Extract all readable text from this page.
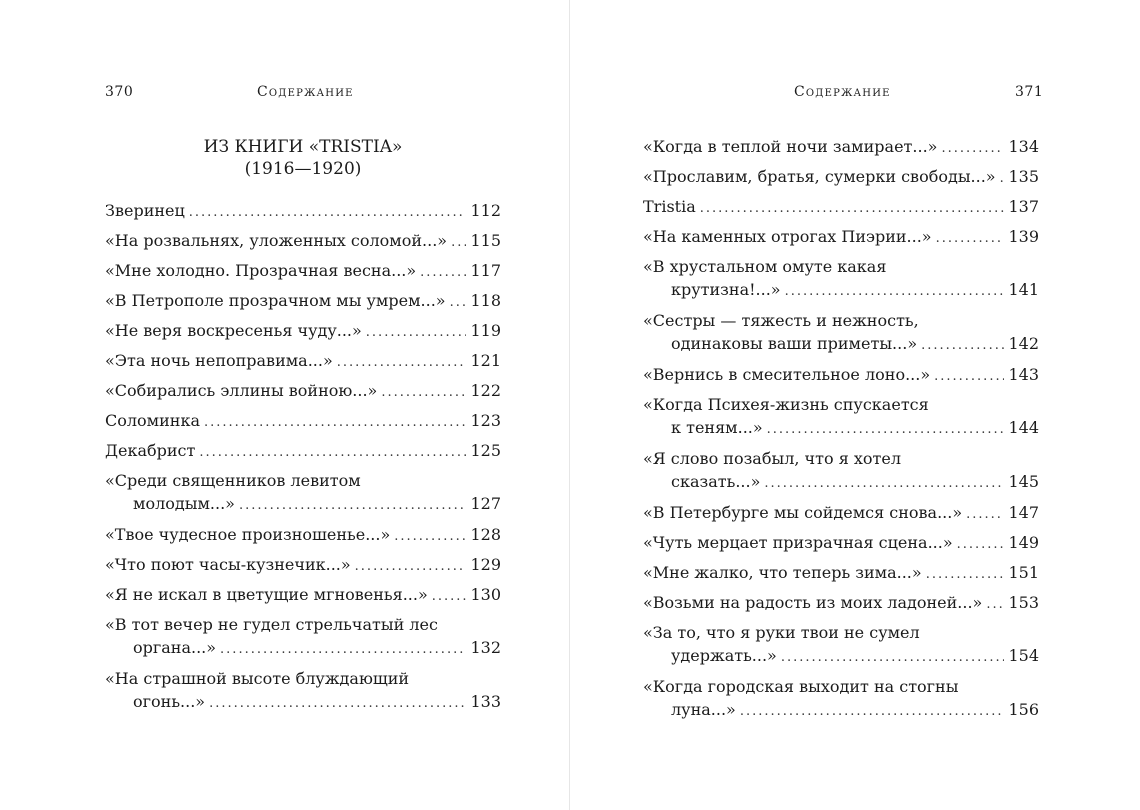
370	Содержание
ИЗ КНИГИ «TRISTIA»
(1916—1920)
Зверинец .....	112
«На розвальнях, уложенных соломой...» ..... 115
«Мне холодно. Прозрачная весна...» .....	117
«В Петрополе прозрачном мы умрем...» ..... 118
«Не веря воскресенья чуду...» .....	119
«Эта ночь непоправима...» .....	121
«Собирались эллины войною...» .....	122
Соломинка .....	123
Декабрист .....	125
«Среди священников левитом
молодым...» .....	127
«Твое чудесное произношенье...» .....	128
«Что поют часы-кузнечик...» .....	129
«Я не искал в цветущие мгновенья...» .....	130
«В тот вечер не гудел стрельчатый лес
органа...» .....	132
«На страшной высоте блуждающий
огонь...» .....	133
Содержание	371
«Когда в теплой ночи замирает...» .....	134
«Прославим, братья, сумерки свободы...» ..... 135
Tristia .....	137
«На каменных отрогах Пиэрии...» .....	139
«В хрустальном омуте какая
крутизна!...» .....	141
«Сестры — тяжесть и нежность,
одинаковы ваши приметы...» .....	142
«Вернись в смесительное лоно...» .....	143
«Когда Психея-жизнь спускается
к теням...» .....	144
«Я слово позабыл, что я хотел
сказать...» .....	145
«В Петербурге мы сойдемся снова...» .....	147
«Чуть мерцает призрачная сцена...» .....	149
«Мне жалко, что теперь зима...» .....	151
«Возьми на радость из моих ладоней...» ..... 153
«За то, что я руки твои не сумел
удержать...» .....	154
«Когда городская выходит на стогны
луна...» .....	156
